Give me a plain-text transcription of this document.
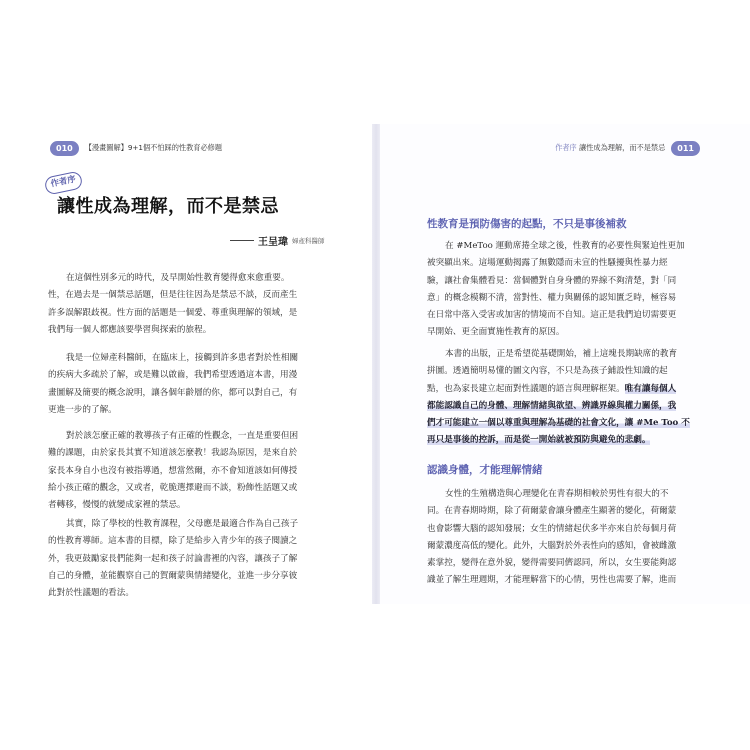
010	【漫畫圖解】9+1個不怕踩的性教育必修題	作者序 讓性成為理解，而不是禁忌	011
作者序
讓性成為理解，而不是禁忌
王呈瑋 婦產科醫師
在這個性別多元的時代，及早開始性教育變得愈來愈重要。
性，在過去是一個禁忌話題，但是往往因為是禁忌不談，反而產生
許多誤解跟歧視。性方面的話題是一個愛、尊重與理解的領域，是
我們每一個人都應該要學習與探索的旅程。
我是一位婦產科醫師，在臨床上，接觸到許多患者對於性相關
的疾病大多疏於了解，或是難以啟齒，我們希望透過這本書，用漫
畫圖解及簡要的概念說明，讓各個年齡層的你，都可以對自己，有
更進一步的了解。
對於該怎麼正確的教導孩子有正確的性觀念，一直是重要但困
難的課題，由於家長其實不知道該怎麼教！我認為原因，是來自於
家長本身自小也沒有被指導過，想當然爾，亦不會知道該如何傳授
給小孩正確的觀念，又或者，乾脆選擇避而不談，粉飾性話題又或
者轉移，慢慢的就變成家裡的禁忌。
其實，除了學校的性教育課程，父母應是最適合作為自己孩子
的性教育導師。這本書的目標，除了是給步入青少年的孩子閱讀之
外，我更鼓勵家長們能夠一起和孩子討論書裡的內容，讓孩子了解
自己的身體，並能觀察自己的賀爾蒙與情緒變化，並進一步分享彼
此對於性議題的看法。
性教育是預防傷害的起點，不只是事後補救
在 #MeToo 運動席捲全球之後，性教育的必要性與緊迫性更加
被突顯出來。這場運動揭露了無數隱而未宣的性騷擾與性暴力經
驗，讓社會集體看見：當個體對自身身體的界線不夠清楚，對「同
意」的概念模糊不清，當對性、權力與關係的認知匱乏時，極容易
在日常中落入受害或加害的情境而不自知。這正是我們迫切需要更
早開始、更全面實施性教育的原因。
本書的出版，正是希望從基礎開始，補上這塊長期缺席的教育
拼圖。透過簡明易懂的圖文內容，不只是為孩子鋪設性知識的起
點，也為家長建立起面對性議題的語言與理解框架。唯有讓每個人
都能認識自己的身體、理解情緒與欲望、辨識界線與權力關係，我
們才可能建立一個以尊重與理解為基礎的社會文化，讓 #Me Too 不
再只是事後的控訴，而是從一開始就被預防與避免的悲劇。
認識身體，才能理解情緒
女性的生殖構造與心理變化在青春期相較於男性有很大的不
同。在青春期時期，除了荷爾蒙會讓身體產生顯著的變化，荷爾蒙
也會影響大腦的認知發展；女生的情緒起伏多半亦來自於每個月荷
爾蒙濃度高低的變化。此外，大腦對於外表性向的感知，會被雌激
素掌控，變得在意外貌，變得需要同儕認同，所以，女生要能夠認
識並了解生理週期，才能理解當下的心情，男性也需要了解，進而
